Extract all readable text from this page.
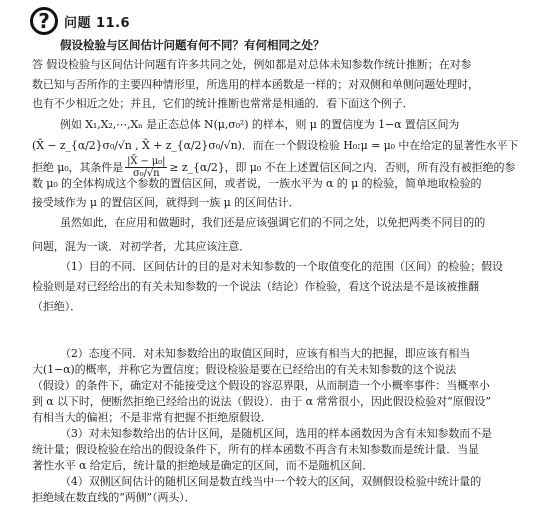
?	问题 11.6
假设检验与区间估计问题有何不同？有何相同之处？
答 假设检验与区间估计问题有许多共同之处，例如都是对总体未知参数作统计推断；在对参
数已知与否所作的主要四种情形里，所选用的样本函数是一样的；对双侧和单侧问题处理时，
也有不少相近之处；并且，它们的统计推断也常常是相通的．看下面这个例子．
例如 X₁,X₂,⋯,Xₙ 是正态总体 N(μ,σ₀²) 的样本，则 μ 的置信度为 1−α 置信区间为
(X̄ − z_{α/2}σ₀/√n , X̄ + z_{α/2}σ₀/√n)．而在一个假设检验 H₀:μ = μ₀ 中在给定的显著性水平下
拒绝 μ₀，其条件是 $\frac{\text{|X̄ − μ₀|}}{\text{σ₀/√n}}$ ≥ z_{α/2}，即 μ₀ 不在上述置信区间之内．否则，所有没有被拒绝的参
数 μ₀ 的全体构成这个参数的置信区间，或者说，一族水平为 α 的 μ 的检验，简单地取检验的
接受域作为 μ 的置信区间，就得到一族 μ 的区间估计．
虽然如此，在应用和做题时，我们还是应该强调它们的不同之处，以免把两类不同目的的
问题，混为一谈．对初学者，尤其应该注意．
（1）目的不同．区间估计的目的是对未知参数的一个取值变化的范围（区间）的检验；假设
检验则是对已经给出的有关未知参数的一个说法（结论）作检验，看这个说法是不是该被推翻
（拒绝）．
（2）态度不同．对未知参数给出的取值区间时，应该有相当大的把握，即应该有相当
大(1−α)的概率，并称它为置信度；假设检验是要在已经给出的有关未知参数的这个说法
（假设）的条件下，确定对不能接受这个假设的容忍界限，从而制造一个小概率事件：当概率小
到 α 以下时，便断然拒绝已经给出的说法（假设）．由于 α 常常很小，因此假设检验对“原假设”
有相当大的偏袒；不是非常有把握不拒绝原假设．
（3）对未知参数给出的估计区间，是随机区间，选用的样本函数因为含有未知参数而不是
统计量；假设检验在给出的假设条件下，所有的样本函数不再含有未知参数而是统计量．当显
著性水平 α 给定后，统计量的拒绝域是确定的区间，而不是随机区间．
（4）双侧区间估计的随机区间是数直线当中一个较大的区间，双侧假设检验中统计量的
拒绝域在数直线的“两侧”（两头）．
